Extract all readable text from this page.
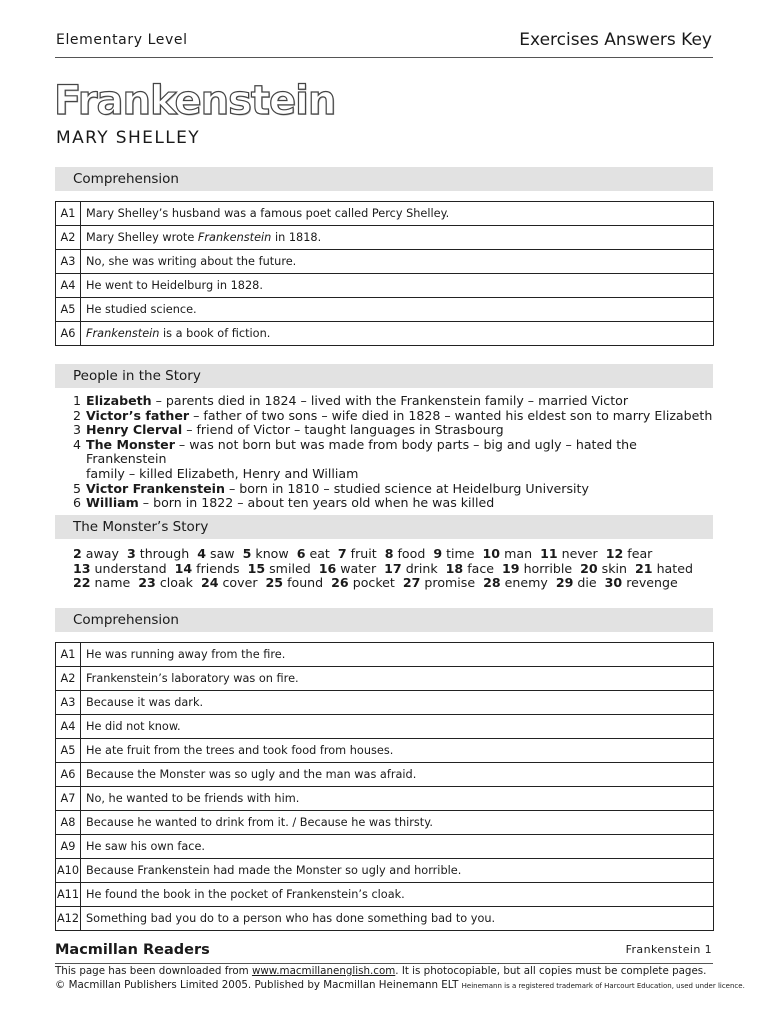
Elementary Level	Exercises Answers Key
Frankenstein
MARY SHELLEY
Comprehension
A1	Mary Shelley’s husband was a famous poet called Percy Shelley.
A2	Mary Shelley wrote Frankenstein in 1818.
A3	No, she was writing about the future.
A4	He went to Heidelburg in 1828.
A5	He studied science.
A6	Frankenstein is a book of fiction.
People in the Story
1 Elizabeth – parents died in 1824 – lived with the Frankenstein family – married Victor
2 Victor’s father – father of two sons – wife died in 1828 – wanted his eldest son to marry Elizabeth
3 Henry Clerval – friend of Victor – taught languages in Strasbourg
4 The Monster – was not born but was made from body parts – big and ugly – hated the Frankenstein
family – killed Elizabeth, Henry and William
5 Victor Frankenstein – born in 1810 – studied science at Heidelburg University
6 William – born in 1822 – about ten years old when he was killed
The Monster’s Story
2 away 3 through 4 saw 5 know 6 eat 7 fruit 8 food 9 time 10 man 11 never 12 fear
13 understand 14 friends 15 smiled 16 water 17 drink 18 face 19 horrible 20 skin 21 hated
22 name 23 cloak 24 cover 25 found 26 pocket 27 promise 28 enemy 29 die 30 revenge
Comprehension
A1	He was running away from the fire.
A2	Frankenstein’s laboratory was on fire.
A3	Because it was dark.
A4	He did not know.
A5	He ate fruit from the trees and took food from houses.
A6	Because the Monster was so ugly and the man was afraid.
A7	No, he wanted to be friends with him.
A8	Because he wanted to drink from it. / Because he was thirsty.
A9	He saw his own face.
A10	Because Frankenstein had made the Monster so ugly and horrible.
A11	He found the book in the pocket of Frankenstein’s cloak.
A12	Something bad you do to a person who has done something bad to you.
Macmillan Readers	Frankenstein 1
This page has been downloaded from www.macmillanenglish.com. It is photocopiable, but all copies must be complete pages.
© Macmillan Publishers Limited 2005. Published by Macmillan Heinemann ELT Heinemann is a registered trademark of Harcourt Education, used under licence.
